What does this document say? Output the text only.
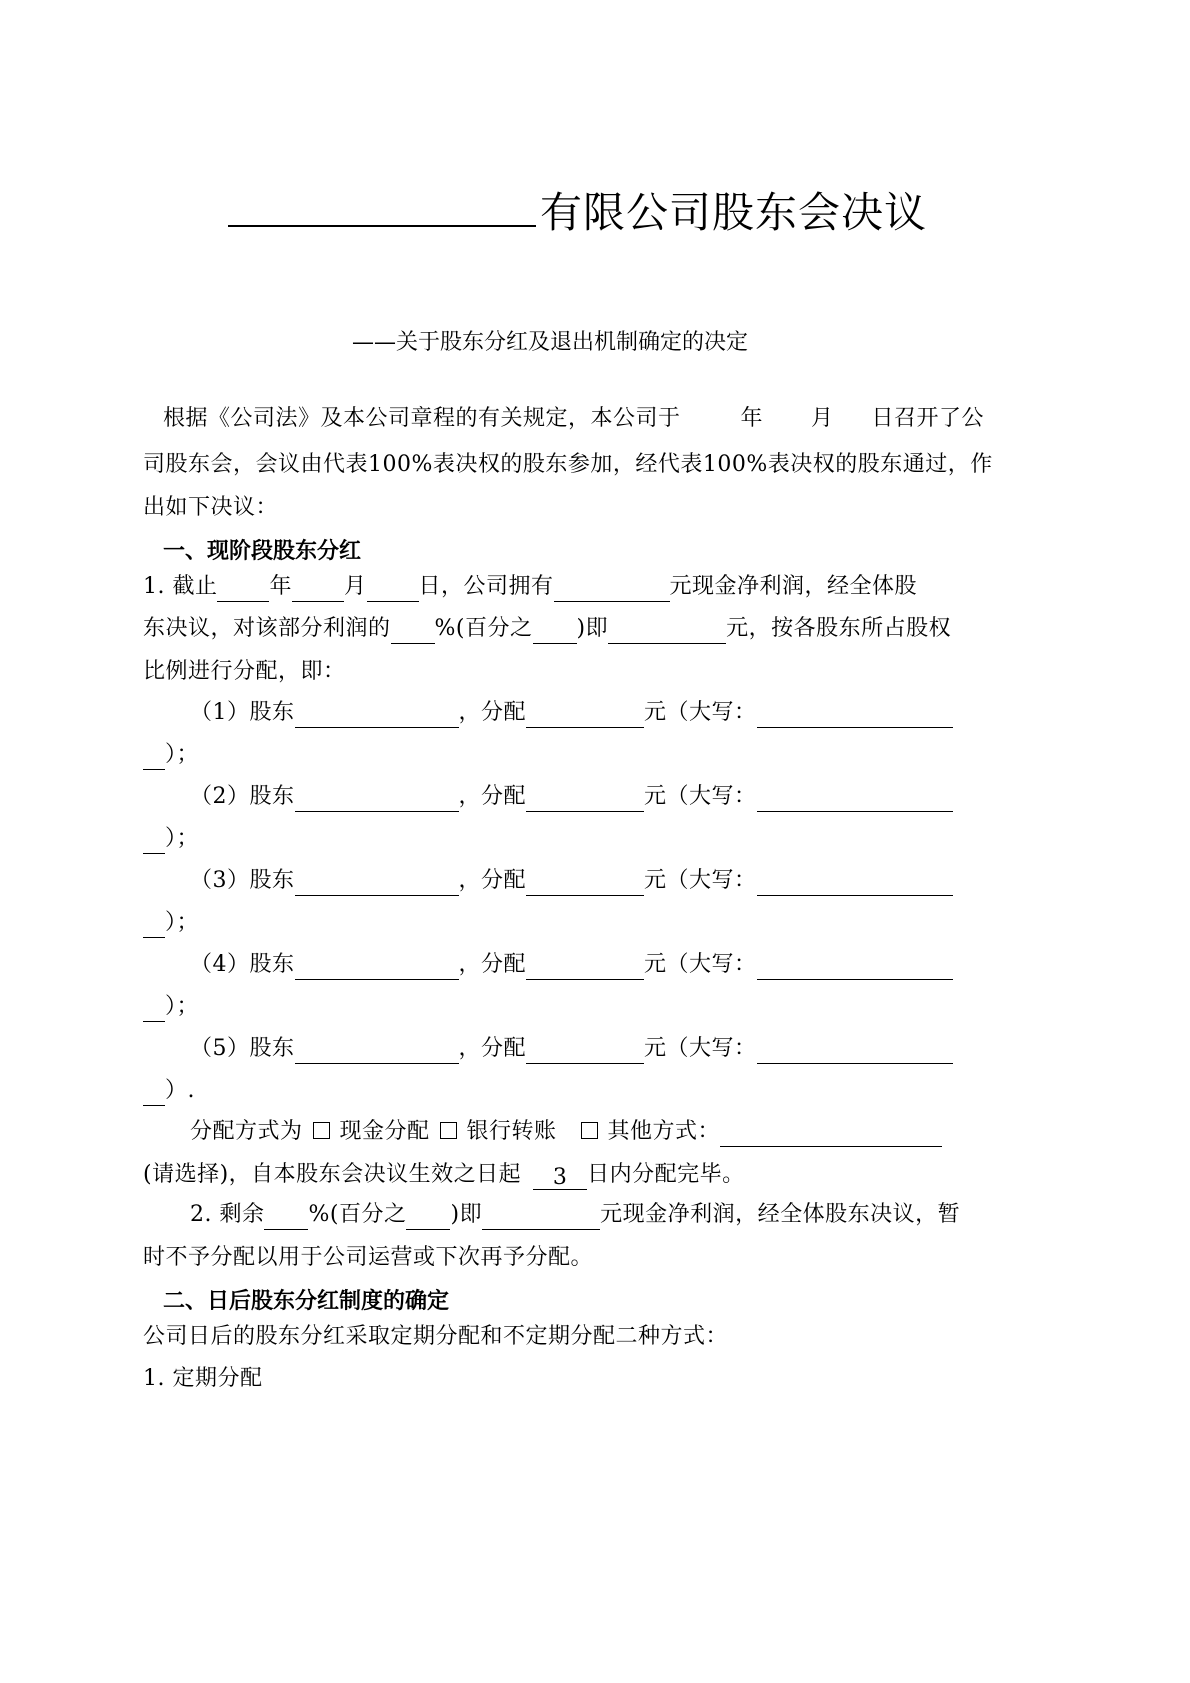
有限公司股东会决议
——关于股东分红及退出机制确定的决定
根据《公司法》及本公司章程的有关规定，本公司于	年 月 日召开了公
司股东会，会议由代表100%表决权的股东参加，经代表100%表决权的股东通过，作
出如下决议：
一、现阶段股东分红
1. 截止 年 月 日，公司拥有	元现金净利润，经全体股
东决议，对该部分利润的 %(百分之 )即	元，按各股东所占股权
比例进行分配，即：
（1）股东	，分配	元（大写：
）；
（2）股东	，分配	元（大写：
）；
（3）股东	，分配	元（大写：
）；
（4）股东	，分配	元（大写：
）；
（5）股东	，分配	元（大写：
）.
分配方式为 现金分配 银行转账 其他方式：
(请选择)，自本股东会决议生效之日起 3 日内分配完毕。
2. 剩余 %(百分之 )即	元现金净利润，经全体股东决议，暂
时不予分配以用于公司运营或下次再予分配。
二、日后股东分红制度的确定
公司日后的股东分红采取定期分配和不定期分配二种方式：
1. 定期分配
